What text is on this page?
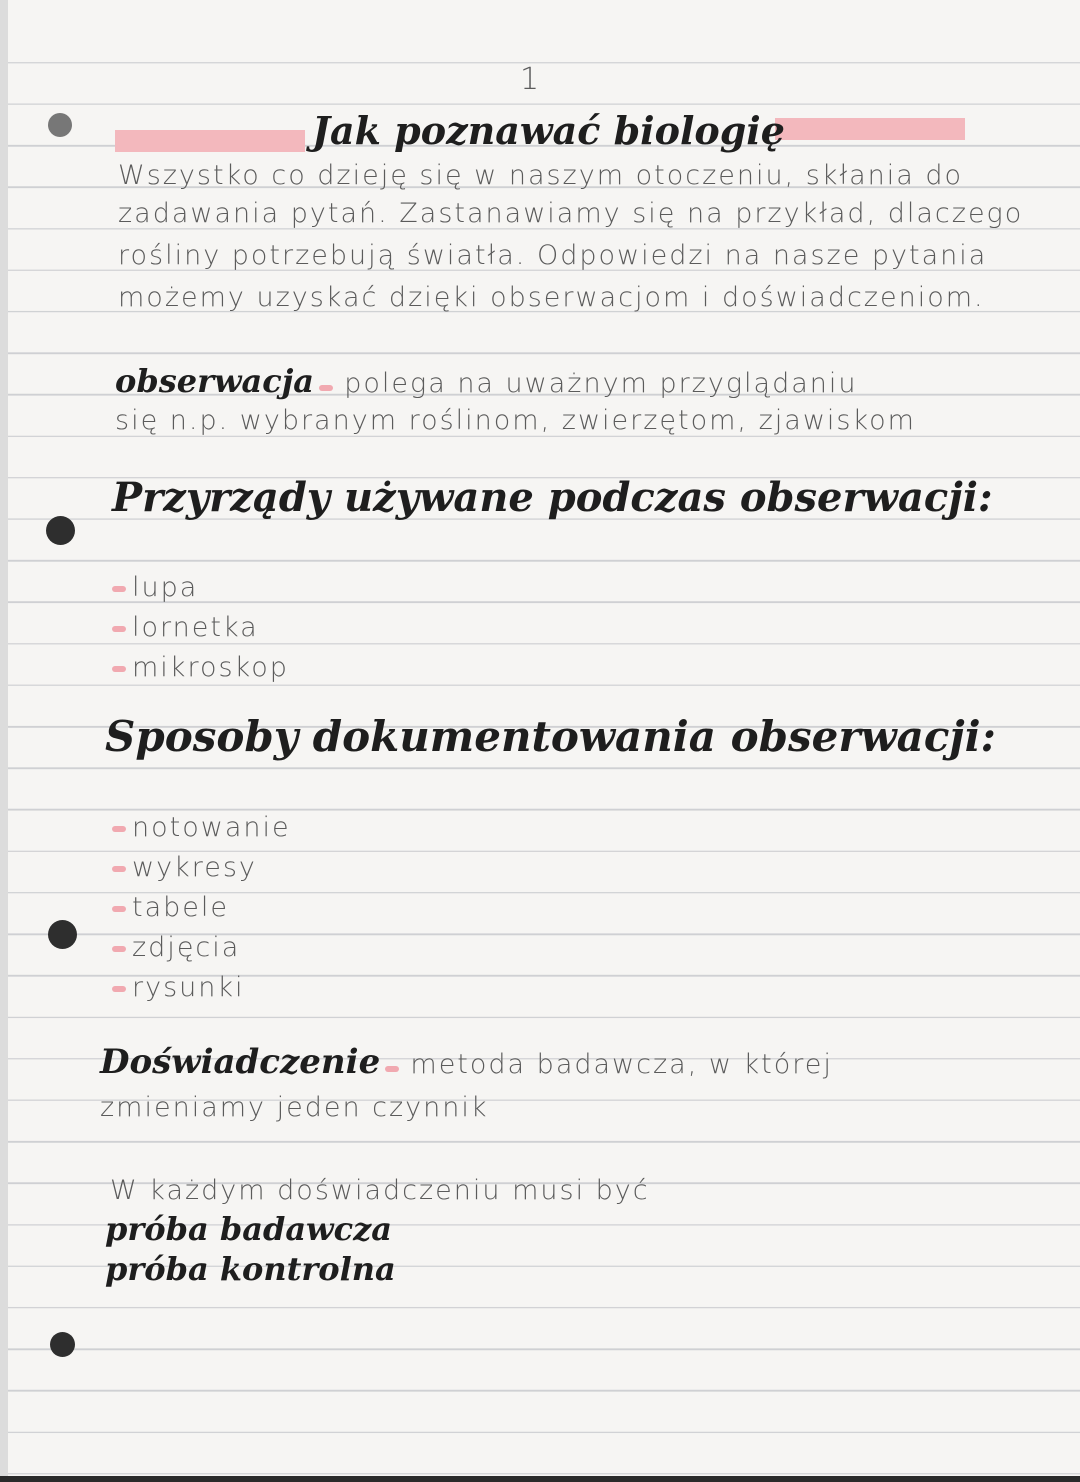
1
Jak poznawać biologię
Wszystko co dzieję się w naszym otoczeniu, skłania do
zadawania pytań. Zastanawiamy się na przykład, dlaczego
rośliny potrzebują światła. Odpowiedzi na nasze pytania
możemy uzyskać dzięki obserwacjom i doświadczeniom.
obserwacja polega na uważnym przyglądaniu
się n.p. wybranym roślinom, zwierzętom, zjawiskom
Przyrządy używane podczas obserwacji:
lupa
lornetka
mikroskop
Sposoby dokumentowania obserwacji:
notowanie
wykresy
tabele
zdjęcia
rysunki
Doświadczenie metoda badawcza, w której
zmieniamy jeden czynnik
W każdym doświadczeniu musi być
próba badawcza
próba kontrolna
